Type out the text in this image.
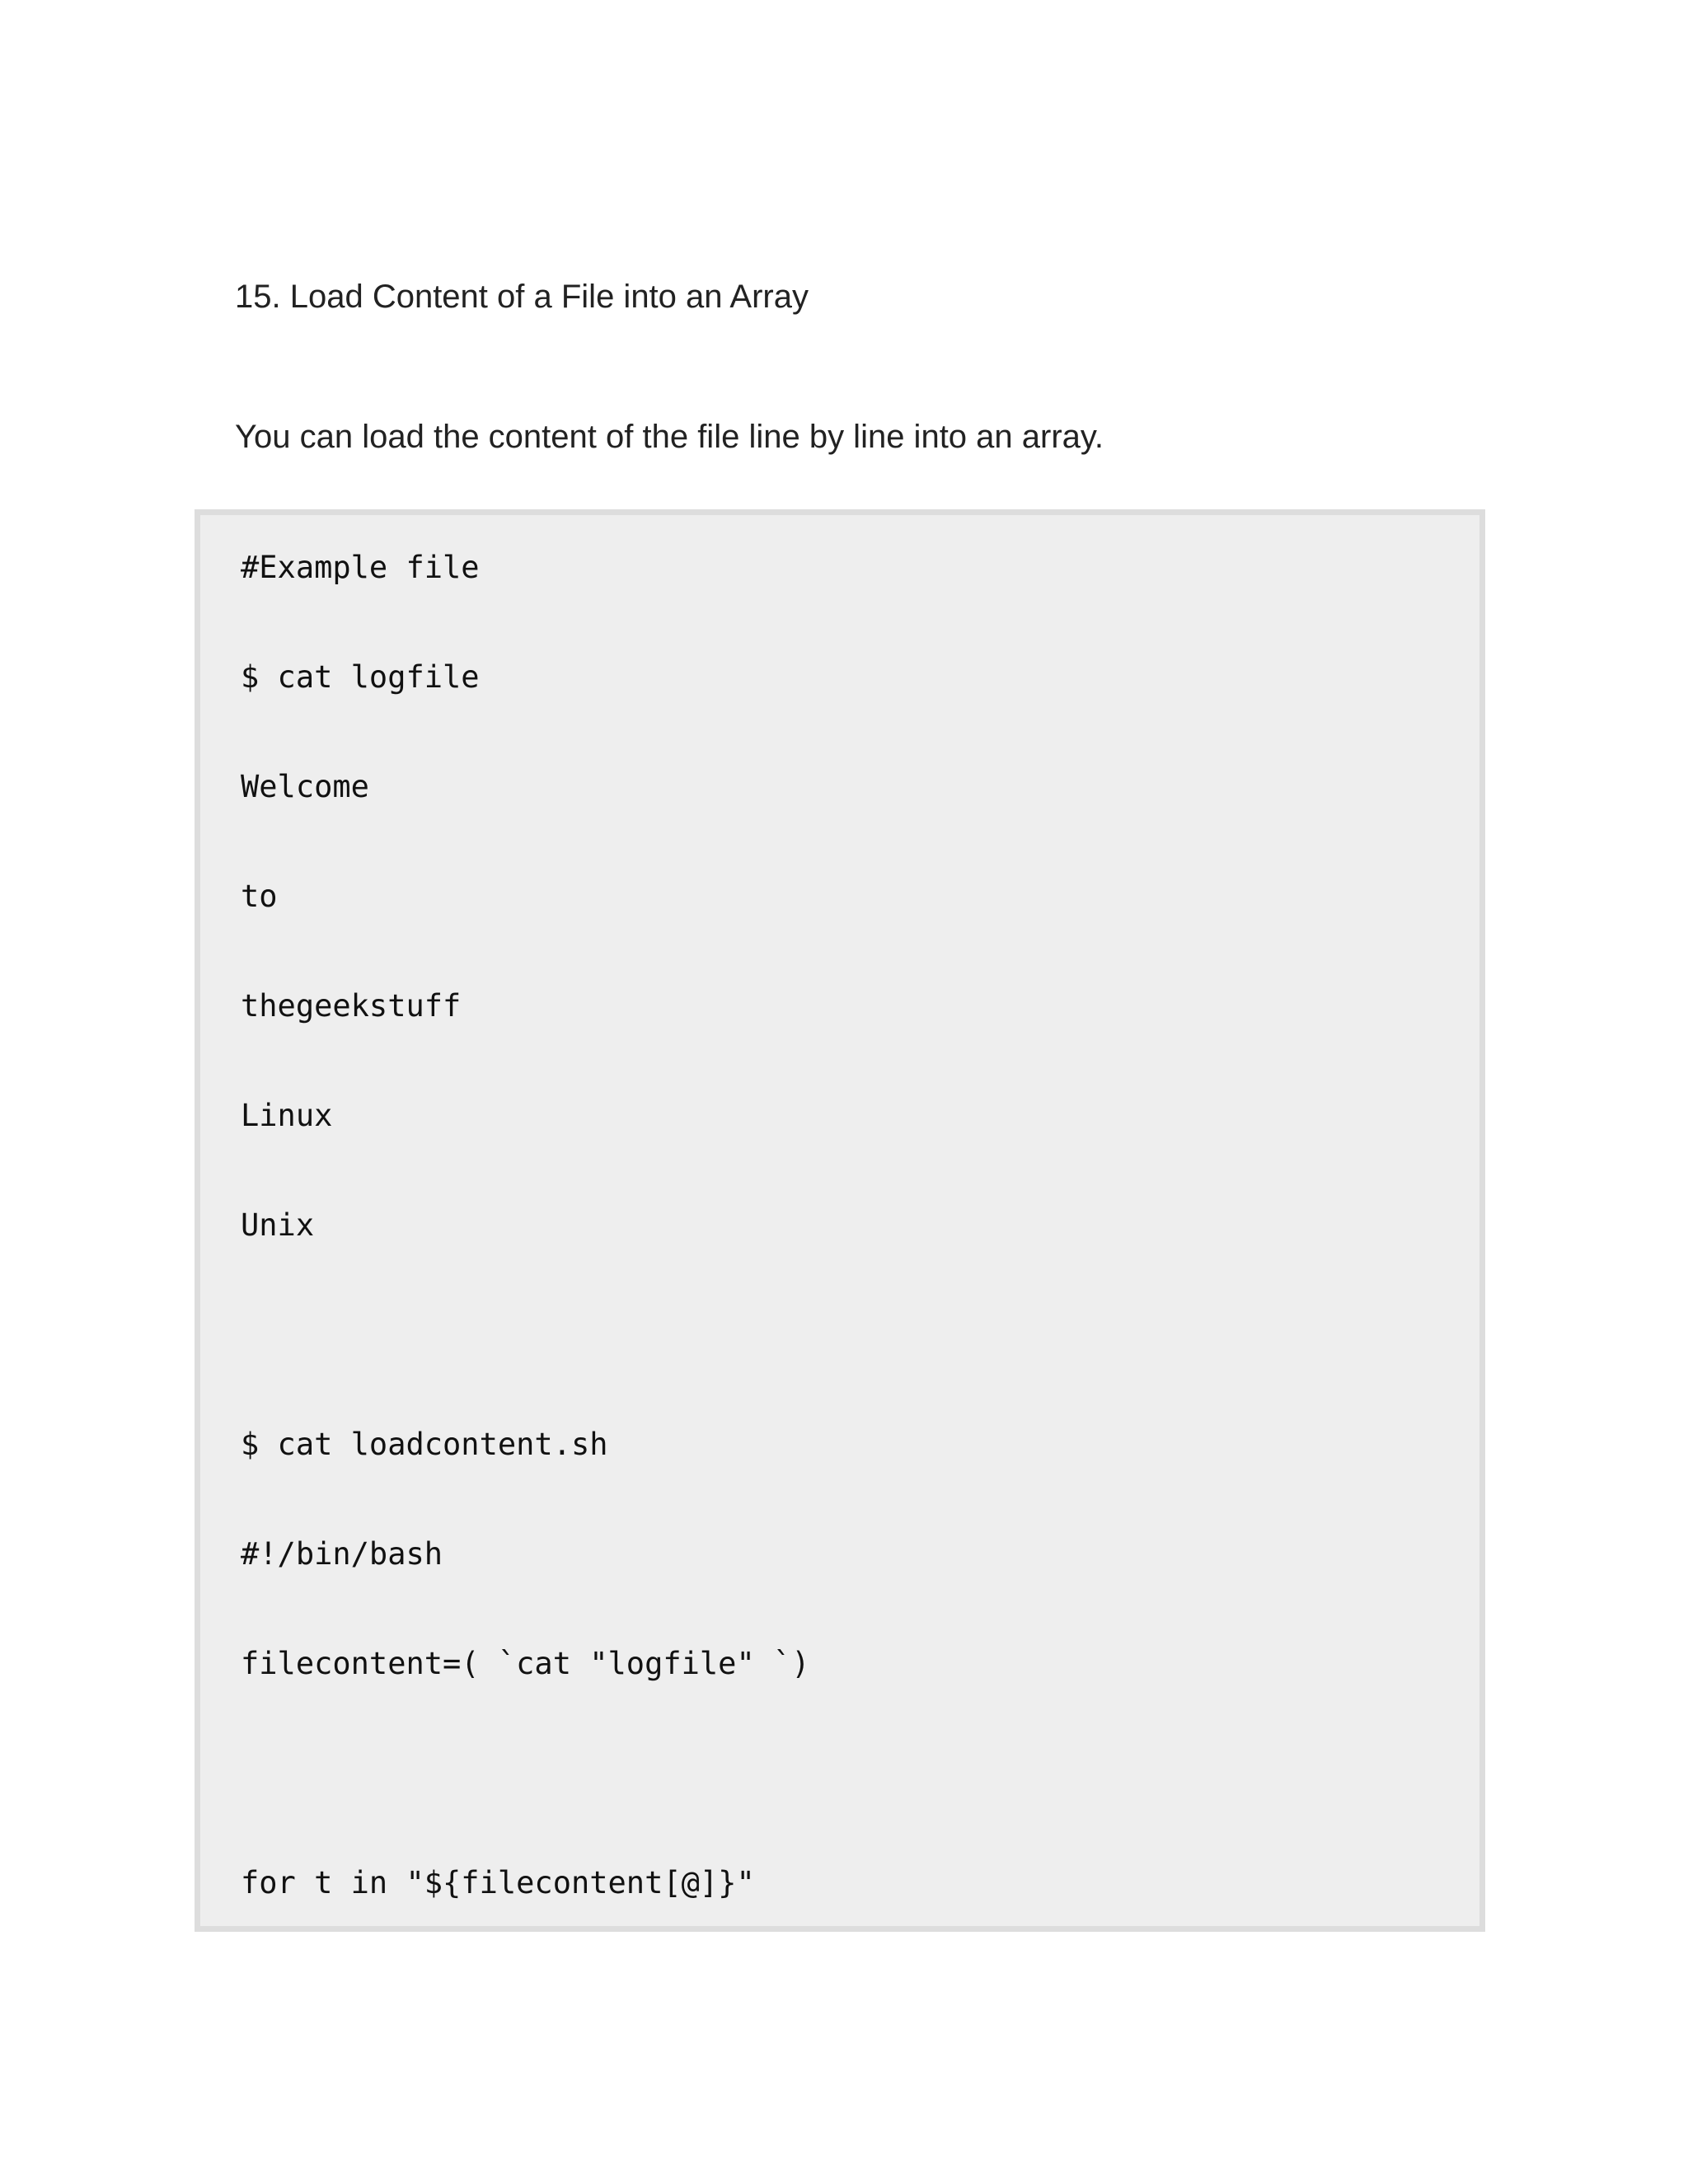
15. Load Content of a File into an Array
You can load the content of the file line by line into an array.
#Example file
$ cat logfile
Welcome
to
thegeekstuff
Linux
Unix
$ cat loadcontent.sh
#!/bin/bash
filecontent=( `cat "logfile" `)
for t in "${filecontent[@]}"
